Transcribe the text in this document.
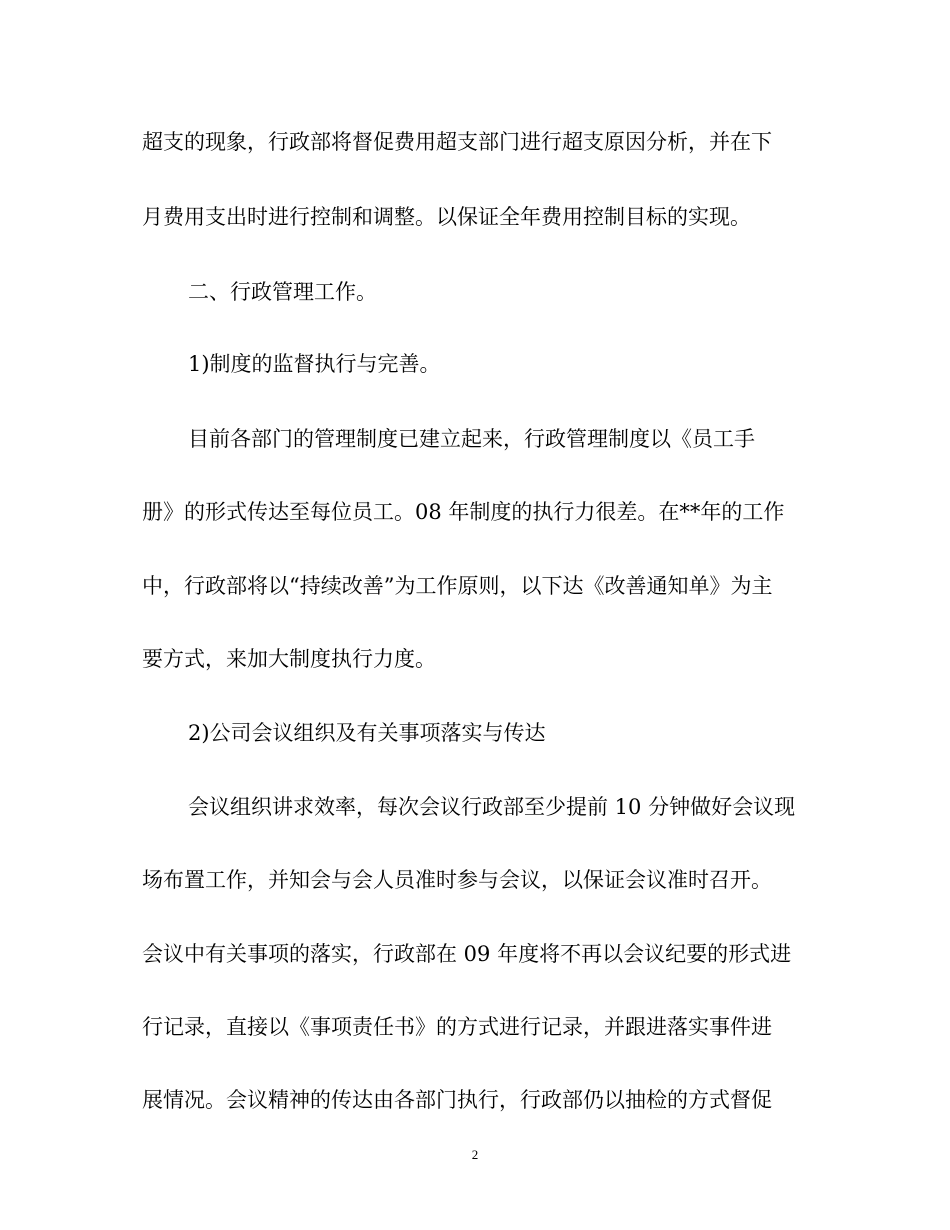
超支的现象，行政部将督促费用超支部门进行超支原因分析，并在下
月费用支出时进行控制和调整。以保证全年费用控制目标的实现。
二、行政管理工作。
1)制度的监督执行与完善。
目前各部门的管理制度已建立起来，行政管理制度以《员工手
册》的形式传达至每位员工。08 年制度的执行力很差。在**年的工作
中，行政部将以“持续改善”为工作原则，以下达《改善通知单》为主
要方式，来加大制度执行力度。
2)公司会议组织及有关事项落实与传达
会议组织讲求效率，每次会议行政部至少提前 10 分钟做好会议现
场布置工作，并知会与会人员准时参与会议，以保证会议准时召开。
会议中有关事项的落实，行政部在 09 年度将不再以会议纪要的形式进
行记录，直接以《事项责任书》的方式进行记录，并跟进落实事件进
展情况。会议精神的传达由各部门执行，行政部仍以抽检的方式督促
2
